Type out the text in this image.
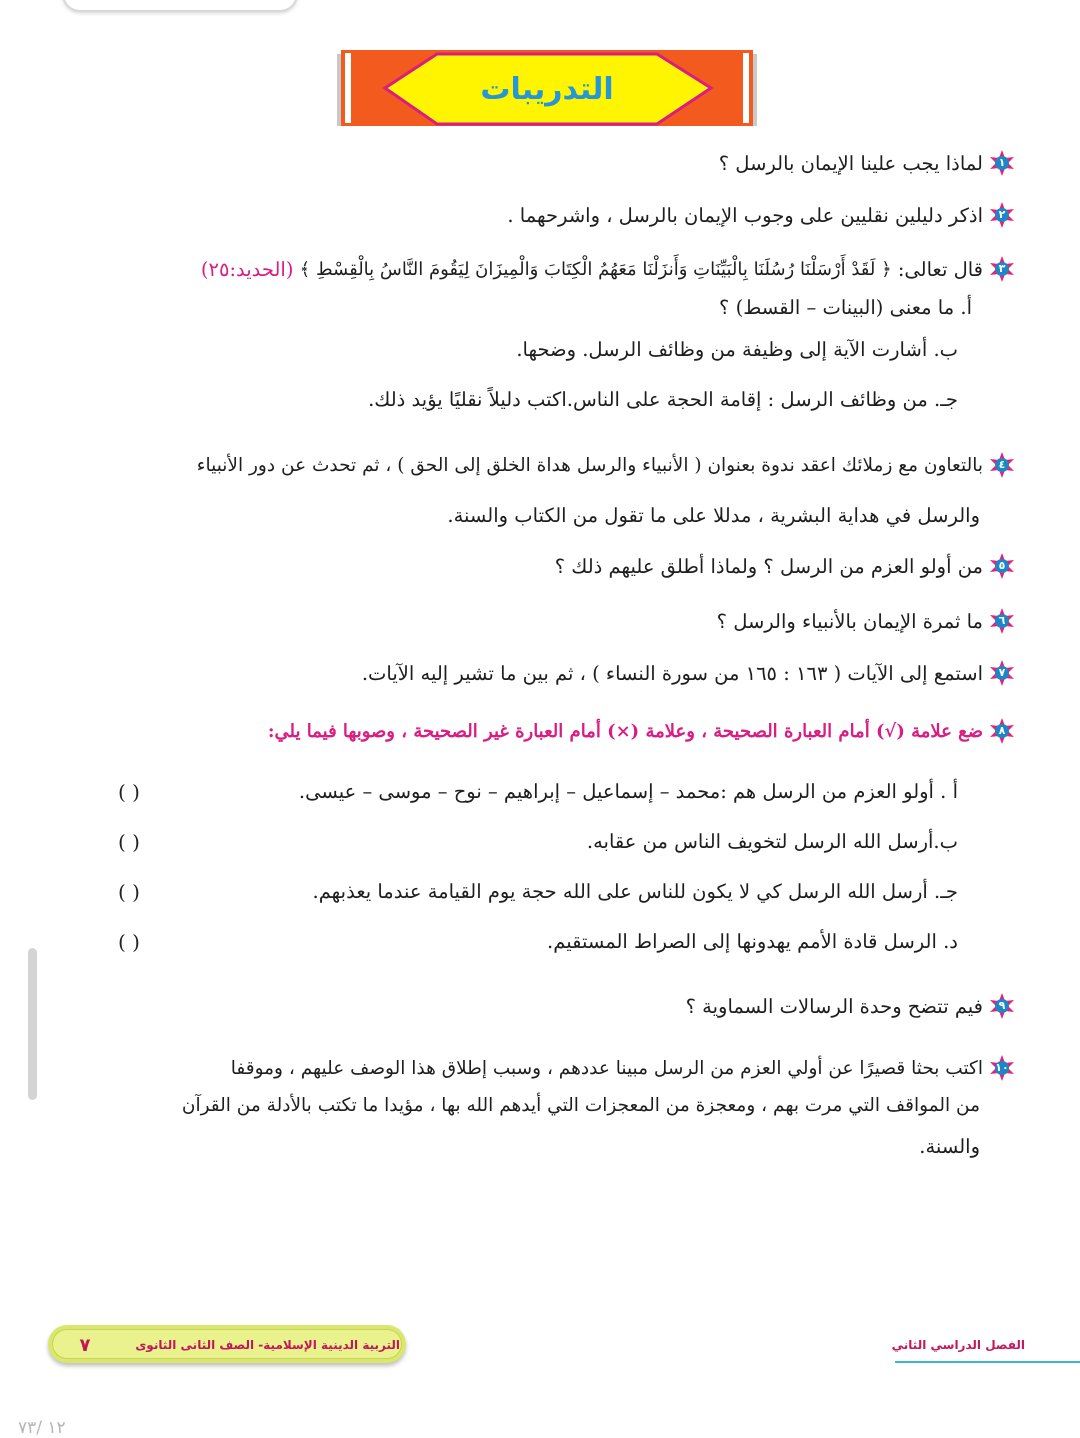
التدريبات
١
لماذا يجب علينا الإيمان بالرسل ؟
٢
اذكر دليلين نقليين على وجوب الإيمان بالرسل ، واشرحهما .
٣
قال تعالى: ﴿ لَقَدْ أَرْسَلْنَا رُسُلَنَا بِالْبَيِّنَاتِ وَأَنزَلْنَا مَعَهُمُ الْكِتَابَ وَالْمِيزَانَ لِيَقُومَ النَّاسُ بِالْقِسْطِ ﴾ (الحديد:٢٥)
أ. ما معنى (البينات – القسط) ؟
ب. أشارت الآية إلى وظيفة من وظائف الرسل. وضحها.
جـ. من وظائف الرسل : إقامة الحجة على الناس.اكتب دليلاً نقليًا يؤيد ذلك.
٤
بالتعاون مع زملائك اعقد ندوة بعنوان ( الأنبياء والرسل هداة الخلق إلى الحق ) ، ثم تحدث عن دور الأنبياء
والرسل في هداية البشرية ، مدللا على ما تقول من الكتاب والسنة.
٥
من أولو العزم من الرسل ؟ ولماذا أطلق عليهم ذلك ؟
٦
ما ثمرة الإيمان بالأنبياء والرسل ؟
٧
استمع إلى الآيات ( ١٦٣ : ١٦٥ من سورة النساء ) ، ثم بين ما تشير إليه الآيات.
٨
ضع علامة (√) أمام العبارة الصحيحة ، وعلامة (×) أمام العبارة غير الصحيحة ، وصوبها فيما يلي:
أ . أولو العزم من الرسل هم :محمد – إسماعيل – إبراهيم – نوح – موسى – عيسى.
( )
ب.أرسل الله الرسل لتخويف الناس من عقابه.
( )
جـ. أرسل الله الرسل كي لا يكون للناس على الله حجة يوم القيامة عندما يعذبهم.
( )
د. الرسل قادة الأمم يهدونها إلى الصراط المستقيم.
( )
٩
فيم تتضح وحدة الرسالات السماوية ؟
١٠
اكتب بحثا قصيرًا عن أولي العزم من الرسل مبينا عددهم ، وسبب إطلاق هذا الوصف عليهم ، وموقفا
من المواقف التي مرت بهم ، ومعجزة من المعجزات التي أيدهم الله بها ، مؤيدا ما تكتب بالأدلة من القرآن
والسنة.
التربية الدينية الإسلامية- الصف الثانى الثانوى
٧	الفصل الدراسي الثاني
١٢ /٧٣
